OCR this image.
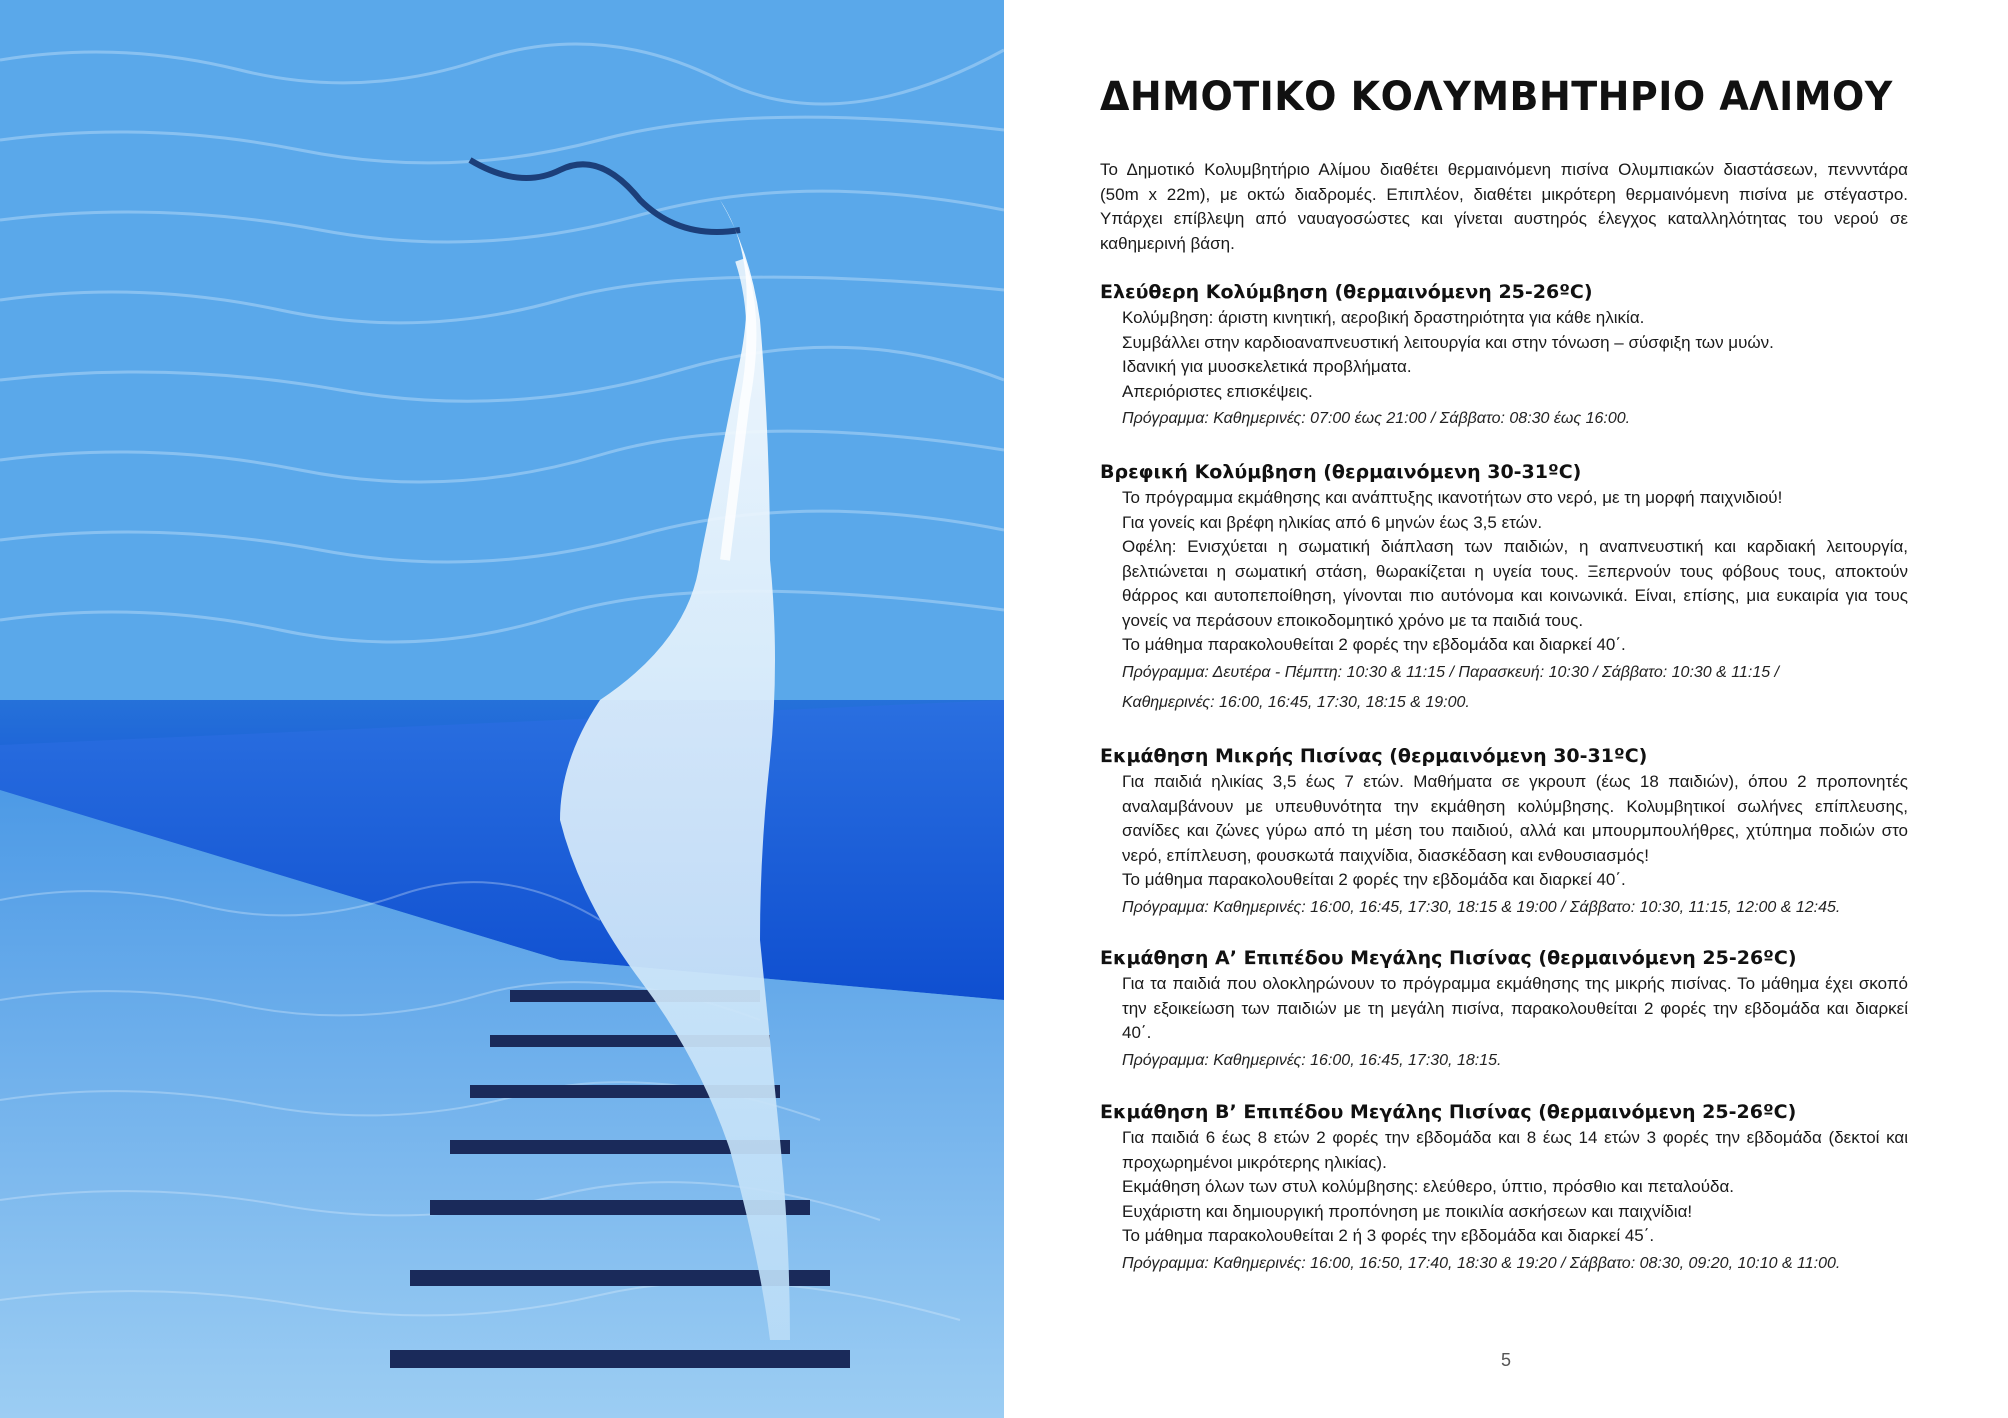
ΔΗΜΟΤΙΚΟ ΚΟΛΥΜΒΗΤΗΡΙΟ ΑΛΙΜΟΥ

Το Δημοτικό Κολυμβητήριο Αλίμου διαθέτει θερμαινόμενη πισίνα Ολυμπιακών διαστάσεων, πεννντάρα (50m x 22m), με οκτώ διαδρομές. Επιπλέον, διαθέτει μικρότερη θερμαινόμενη πισίνα με στέγαστρο. Υπάρχει επίβλεψη από ναυαγοσώστες και γίνεται αυστηρός έλεγχος καταλληλότητας του νερού σε καθημερινή βάση.

Ελεύθερη Κολύμβηση (θερμαινόμενη 25-26ºC)

Κολύμβηση: άριστη κινητική, αεροβική δραστηριότητα για κάθε ηλικία.

Συμβάλλει στην καρδιοαναπνευστική λειτουργία και στην τόνωση – σύσφιξη των μυών.

Ιδανική για μυοσκελετικά προβλήματα.

Απεριόριστες επισκέψεις.

Πρόγραμμα: Καθημερινές: 07:00 έως 21:00 / Σάββατο: 08:30 έως 16:00.

Βρεφική Κολύμβηση (θερμαινόμενη 30-31ºC)

Το πρόγραμμα εκμάθησης και ανάπτυξης ικανοτήτων στο νερό, με τη μορφή παιχνιδιού!

Για γονείς και βρέφη ηλικίας από 6 μηνών έως 3,5 ετών.

Οφέλη: Ενισχύεται η σωματική διάπλαση των παιδιών, η αναπνευστική και καρδιακή λειτουργία, βελτιώνεται η σωματική στάση, θωρακίζεται η υγεία τους. Ξεπερνούν τους φόβους τους, αποκτούν θάρρος και αυτοπεποίθηση, γίνονται πιο αυτόνομα και κοινωνικά. Είναι, επίσης, μια ευκαιρία για τους γονείς να περάσουν εποικοδομητικό χρόνο με τα παιδιά τους.

Το μάθημα παρακολουθείται 2 φορές την εβδομάδα και διαρκεί 40΄.

Πρόγραμμα: Δευτέρα - Πέμπτη: 10:30 & 11:15 / Παρασκευή: 10:30 / Σάββατο: 10:30 & 11:15 /

Καθημερινές: 16:00, 16:45, 17:30, 18:15 & 19:00.

Εκμάθηση Μικρής Πισίνας (θερμαινόμενη 30-31ºC)

Για παιδιά ηλικίας 3,5 έως 7 ετών. Μαθήματα σε γκρουπ (έως 18 παιδιών), όπου 2 προπονητές αναλαμβάνουν με υπευθυνότητα την εκμάθηση κολύμβησης. Κολυμβητικοί σωλήνες επίπλευσης, σανίδες και ζώνες γύρω από τη μέση του παιδιού, αλλά και μπουρμπουλήθρες, χτύπημα ποδιών στο νερό, επίπλευση, φουσκωτά παιχνίδια, διασκέδαση και ενθουσιασμός!

Το μάθημα παρακολουθείται 2 φορές την εβδομάδα και διαρκεί 40΄.

Πρόγραμμα: Καθημερινές: 16:00, 16:45, 17:30, 18:15 & 19:00 / Σάββατο: 10:30, 11:15, 12:00 & 12:45.

Εκμάθηση Α’ Επιπέδου Μεγάλης Πισίνας (θερμαινόμενη 25-26ºC)

Για τα παιδιά που ολοκληρώνουν το πρόγραμμα εκμάθησης της μικρής πισίνας. Το μάθημα έχει σκοπό την εξοικείωση των παιδιών με τη μεγάλη πισίνα, παρακολουθείται 2 φορές την εβδομάδα και διαρκεί 40΄.

Πρόγραμμα: Καθημερινές: 16:00, 16:45, 17:30, 18:15.

Εκμάθηση Β’ Επιπέδου Μεγάλης Πισίνας (θερμαινόμενη 25-26ºC)

Για παιδιά 6 έως 8 ετών 2 φορές την εβδομάδα και 8 έως 14 ετών 3 φορές την εβδομάδα (δεκτοί και προχωρημένοι μικρότερης ηλικίας).

Εκμάθηση όλων των στυλ κολύμβησης: ελεύθερο, ύπτιο, πρόσθιο και πεταλούδα.

Ευχάριστη και δημιουργική προπόνηση με ποικιλία ασκήσεων και παιχνίδια!

Το μάθημα παρακολουθείται 2 ή 3 φορές την εβδομάδα και διαρκεί 45΄.

Πρόγραμμα: Καθημερινές: 16:00, 16:50, 17:40, 18:30 & 19:20 / Σάββατο: 08:30, 09:20, 10:10 & 11:00.

5
